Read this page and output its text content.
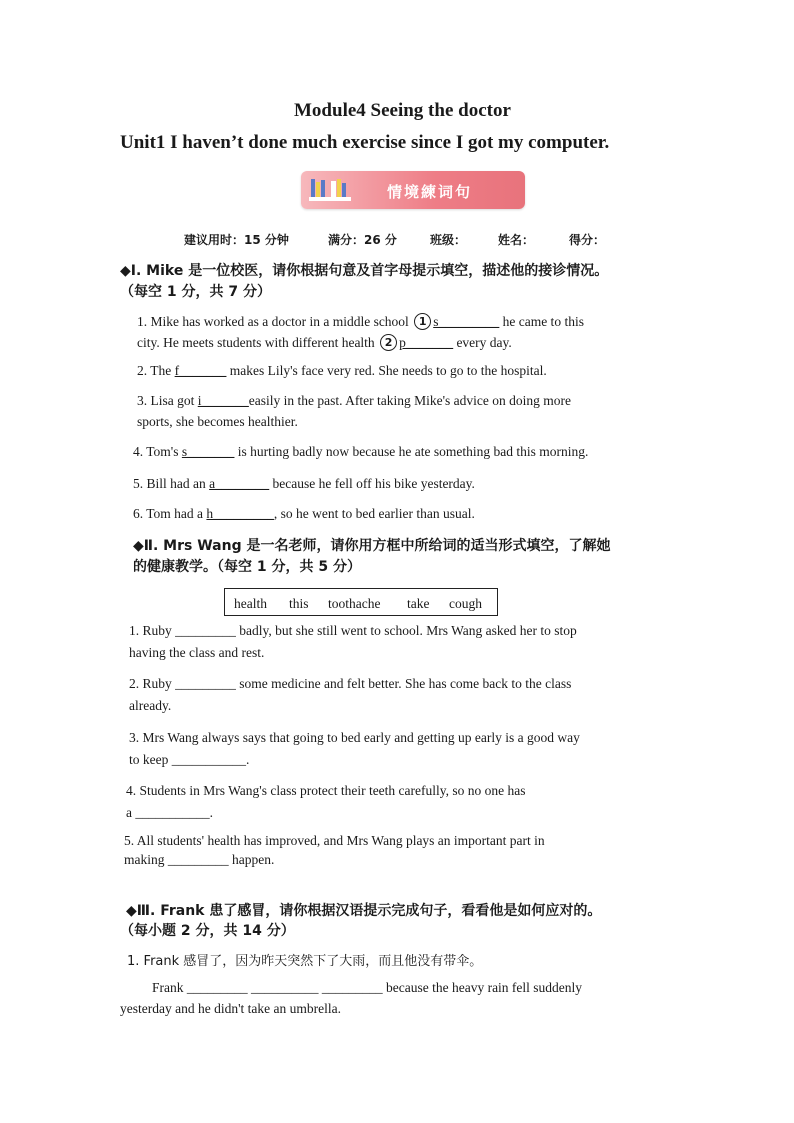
Module4 Seeing the doctor
Unit1 I haven’t done much exercise since I got my computer.
情境練词句
建议用时：15 分钟	满分：26 分	班级：	姓名：	得分：
◆I. Mike 是一位校医，请你根据句意及首字母提示填空，描述他的接诊情况。
（每空 1 分，共 7 分）
1. Mike has worked as a doctor in a middle school 1 s_________ he came to this
city. He meets students with different health 2 p_______ every day.
2. The f_______ makes Lily's face very red. She needs to go to the hospital.
3. Lisa got i_______easily in the past. After taking Mike's advice on doing more
sports, she becomes healthier.
4. Tom's s_______ is hurting badly now because he ate something bad this morning.
5. Bill had an a________ because he fell off his bike yesterday.
6. Tom had a h_________, so he went to bed earlier than usual.
◆Ⅱ. Mrs Wang 是一名老师，请你用方框中所给词的适当形式填空，了解她
的健康教学。（每空 1 分，共 5 分）
health this toothache take cough
1. Ruby _________ badly, but she still went to school. Mrs Wang asked her to stop
having the class and rest.
2. Ruby _________ some medicine and felt better. She has come back to the class
already.
3. Mrs Wang always says that going to bed early and getting up early is a good way
to keep ___________.
4. Students in Mrs Wang's class protect their teeth carefully, so no one has
a ___________.
5. All students' health has improved, and Mrs Wang plays an important part in
making _________ happen.
◆Ⅲ. Frank 患了感冒，请你根据汉语提示完成句子，看看他是如何应对的。
（每小题 2 分，共 14 分）
1. Frank 感冒了，因为昨天突然下了大雨，而且他没有带伞。
Frank _________ __________ _________ because the heavy rain fell suddenly
yesterday and he didn't take an umbrella.
